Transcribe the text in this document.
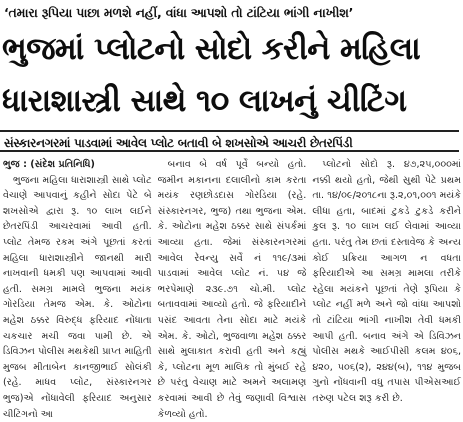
‘તમારા રૂપિયા પાછા મળશે નહીં, વાંધા આપશો તો ટાંટિયા ભાંગી નાખીશ’
ભુજમાં પ્લોટનો સોદો કરીને મહિલા
ધારાશાસ્ત્રી સાથે ૧૦ લાખનું ચીટિંગ
સંસ્કારનગરમાં પાડવામાં આવેલ પ્લોટ બતાવી બે શખસોએ આચરી છેતરપિંડી
ભુજ : (સંદેશ પ્રતિનિધિ)

ભુજના મહિલા ધારાશાસ્ત્રી સાથે પ્લોટ વેચાણે આપવાનું કહીને સોદા પેટે બે શખસોએ દ્વારા રૂ. ૧૦ લાખ લઈને છેતરપિંડી આચરવામાં આવી હતી. પ્લોટ તેમજ રકમ અંગે પૂછતાં કરતાં મહિલા ધારાશાસ્ત્રીને જાનથી મારી નાખવાની ધમકી પણ આપવામાં આવી હતી. સમગ્ર મામલે ભુજના મયંક ગોરડિયા તેમજ એમ. કે. ઓટોના મહેશ ઠક્કર વિરુદ્ધ ફરિયાદ નોંધાતા ચકચાર મચી જવા પામી છે. એ ડિવિઝન પોલીસ મથકેથી પ્રાપ્ત માહિતી મુજબ મીતાબેન કાનજીભાઈ સોલંકી (રહે. માધવ પ્લોટ, સંસ્કારનગર ભુજ)એ નોંધાવેલી ફરિયાદ અનુસાર ચીટિંગનો આ

બનાવ બે વર્ષ પૂર્વે બન્યો હતો. જમીન મકાનના દલાલીનો કામ કરતા મયંક રણછોડદાસ ગોરડિયા (રહે. સંસ્કારનગર, ભુજ) તથા ભુજના એમ. કે. ઓટોના મહેશ ઠક્કર સાથે સંપર્કમાં આવ્યા હતા. જેમાં સંસ્કારનગરમાં આવેલ રેવન્યુ સર્વે નં ૧૧૯/૩માં પાડવામાં આવેલ પ્લોટ નં. ૫૪ જે ભરપેમાણે ૨૩૯.૭૧ ચો.મી. પ્લોટ બતાવવામાં આવ્યો હતો. જે ફરિયાદીને પસંદ આવતા તેના સોદા માટે મયંકે એમ. કે. ઓટો, ભુજવાળા મહેશ ઠક્કર સાથે મુલાકાત કરાવી હતી અને કહ્યું કે, પ્લોટના મૂળ માલિક તો મુંબઈ રહે છે પરંતુ વેચાણ માટે અમને અલામણ કરવામાં આવી છે તેવું જણાવી વિશ્વાસ કેળવ્યો હતો.

પ્લોટનો સોદો રૂ. ૪૭,૨૫,૦૦૦માં નક્કી થયો હતો, જેથી સુથી પેટે પ્રથમ તા. ૧૪/૦૯/૨૦૧૮ના રૂ.૨,૦૧,૦૦૧ મયંકે લીધા હતા, બાદમાં ટુકડે ટુકડે કરીને કુલ રૂ. ૧૦ લાખ લઈ લેવામાં આવ્યા હતા. પરંતુ તેમ છતાં દસ્તાવેજ કે અન્ય કોઈ પ્રક્રિયા આગળ ન વધતા ફરિયાદીએ આ સમગ્ર મામલા તરીકે રહેલા મયંકને પૂછતાં તેણે રૂપિયા કે પ્લોટ નહીં મળે અને જો વાંધા આપશો તો ટાંટિયા ભાંગી નાખીશ તેવી ધમકી આપી હતી. બનાવ અંગે એ ડિવિઝન પોલીસ મથકે આઈપીસી કલમ ૪૦૬, ૪૨૦, ૫૦૬(૨), ૨૪૪(બ), ૧૧૪ મુજબ ગુનો નોંધવાની વધુ તપાસ પીએસઆઈ તરુણ પટેલ શરૂ કરી છે.
